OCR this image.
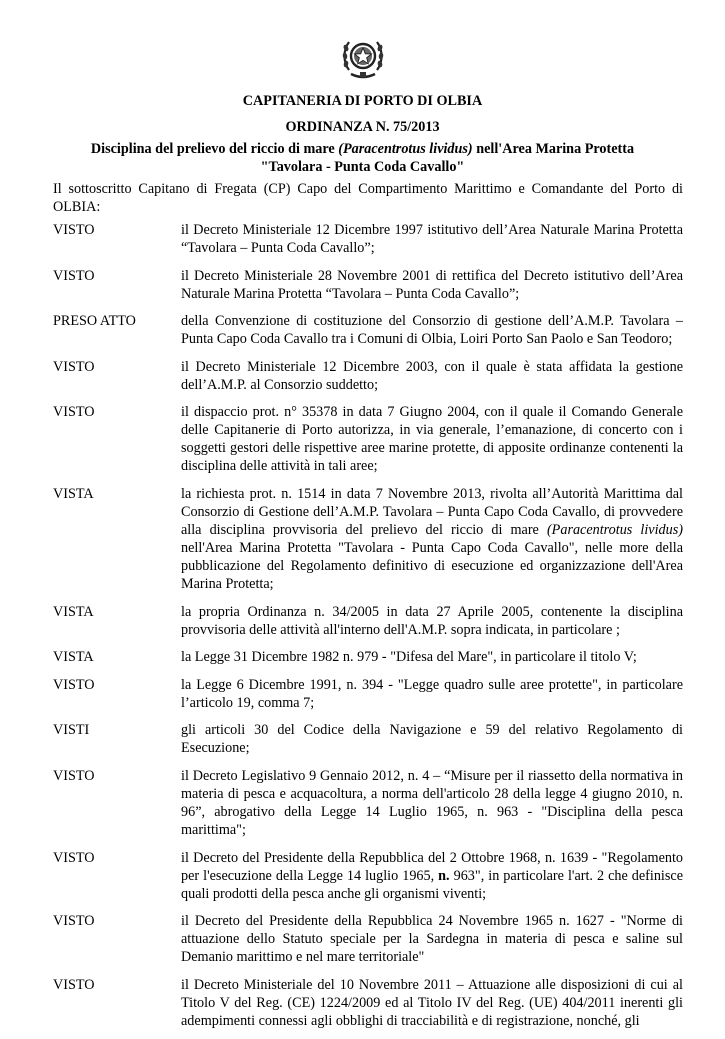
CAPITANERIA DI PORTO DI OLBIA
ORDINANZA N. 75/2013
Disciplina del prelievo del riccio di mare (Paracentrotus lividus) nell'Area Marina Protetta
"Tavolara - Punta Coda Cavallo"
Il sottoscritto Capitano di Fregata (CP) Capo del Compartimento Marittimo e Comandante del Porto di OLBIA:
VISTO	il Decreto Ministeriale 12 Dicembre 1997 istitutivo dell’Area Naturale Marina Protetta “Tavolara – Punta Coda Cavallo”;
VISTO	il Decreto Ministeriale 28 Novembre 2001 di rettifica del Decreto istitutivo dell’Area Naturale Marina Protetta “Tavolara – Punta Coda Cavallo”;
PRESO ATTO	della Convenzione di costituzione del Consorzio di gestione dell’A.M.P. Tavolara – Punta Capo Coda Cavallo tra i Comuni di Olbia, Loiri Porto San Paolo e San Teodoro;
VISTO	il Decreto Ministeriale 12 Dicembre 2003, con il quale è stata affidata la gestione dell’A.M.P. al Consorzio suddetto;
VISTO	il dispaccio prot. n° 35378 in data 7 Giugno 2004, con il quale il Comando Generale delle Capitanerie di Porto autorizza, in via generale, l’emanazione, di concerto con i soggetti gestori delle rispettive aree marine protette, di apposite ordinanze contenenti la disciplina delle attività in tali aree;
VISTA	la richiesta prot. n. 1514 in data 7 Novembre 2013, rivolta all’Autorità Marittima dal Consorzio di Gestione dell’A.M.P. Tavolara – Punta Capo Coda Cavallo, di provvedere alla disciplina provvisoria del prelievo del riccio di mare (Paracentrotus lividus) nell'Area Marina Protetta "Tavolara - Punta Capo Coda Cavallo", nelle more della pubblicazione del Regolamento definitivo di esecuzione ed organizzazione dell'Area Marina Protetta;
VISTA	la propria Ordinanza n. 34/2005 in data 27 Aprile 2005, contenente la disciplina provvisoria delle attività all'interno dell'A.M.P. sopra indicata, in particolare ;
VISTA	la Legge 31 Dicembre 1982 n. 979 - "Difesa del Mare", in particolare il titolo V;
VISTO	la Legge 6 Dicembre 1991, n. 394 - "Legge quadro sulle aree protette", in particolare l’articolo 19, comma 7;
VISTI	gli articoli 30 del Codice della Navigazione e 59 del relativo Regolamento di Esecuzione;
VISTO	il Decreto Legislativo 9 Gennaio 2012, n. 4 – “Misure per il riassetto della normativa in materia di pesca e acquacoltura, a norma dell'articolo 28 della legge 4 giugno 2010, n. 96”, abrogativo della Legge 14 Luglio 1965, n. 963 - "Disciplina della pesca marittima";
VISTO	il Decreto del Presidente della Repubblica del 2 Ottobre 1968, n. 1639 - "Regolamento per l'esecuzione della Legge 14 luglio 1965, n. 963", in particolare l'art. 2 che definisce quali prodotti della pesca anche gli organismi viventi;
VISTO	il Decreto del Presidente della Repubblica 24 Novembre 1965 n. 1627 - "Norme di attuazione dello Statuto speciale per la Sardegna in materia di pesca e saline sul Demanio marittimo e nel mare territoriale"
VISTO	il Decreto Ministeriale del 10 Novembre 2011 – Attuazione alle disposizioni di cui al Titolo V del Reg. (CE) 1224/2009 ed al Titolo IV del Reg. (UE) 404/2011 inerenti gli adempimenti connessi agli obblighi di tracciabilità e di registrazione, nonché, gli
